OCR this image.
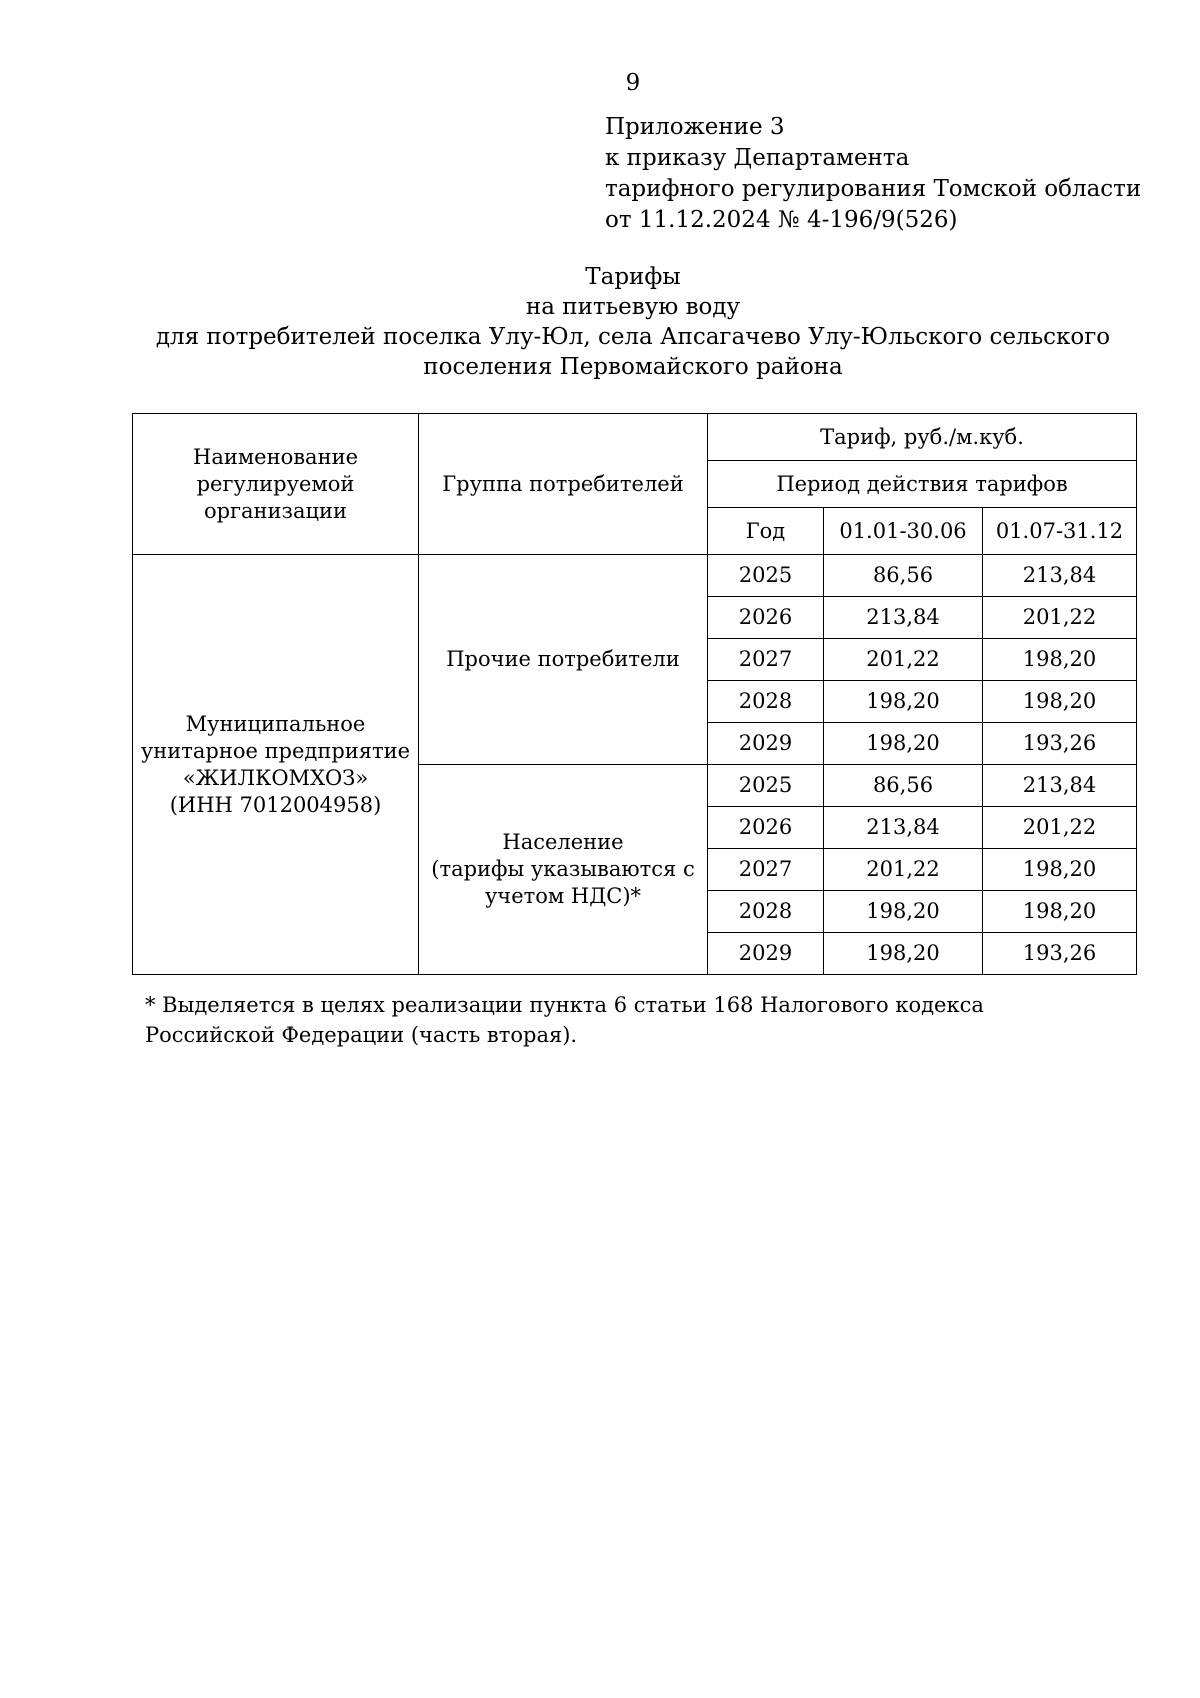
9
Приложение 3
к приказу Департамента
тарифного регулирования Томской области
от 11.12.2024 № 4-196/9(526)
Тарифы
на питьевую воду
для потребителей поселка Улу-Юл, села Апсагачево Улу-Юльского сельского
поселения Первомайского района
Наименование регулируемой организации	Группа потребителей	Тариф, руб./м.куб.		
		Период действия тарифов		
		Год	01.01-30.06	01.07-31.12

Муниципальное
унитарное предприятие
«ЖИЛКОМХОЗ»
(ИНН 7012004958)	Прочие потребители	2025	86,56	213,84
		2026	213,84	201,22
		2027	201,22	198,20
		2028	198,20	198,20
		2029	198,20	193,26

	Население
(тарифы указываются с
учетом НДС)*	2025	86,56	213,84
		2026	213,84	201,22
		2027	201,22	198,20
		2028	198,20	198,20
		2029	198,20	193,26
* Выделяется в целях реализации пункта 6 статьи 168 Налогового кодекса Российской Федерации (часть вторая).
